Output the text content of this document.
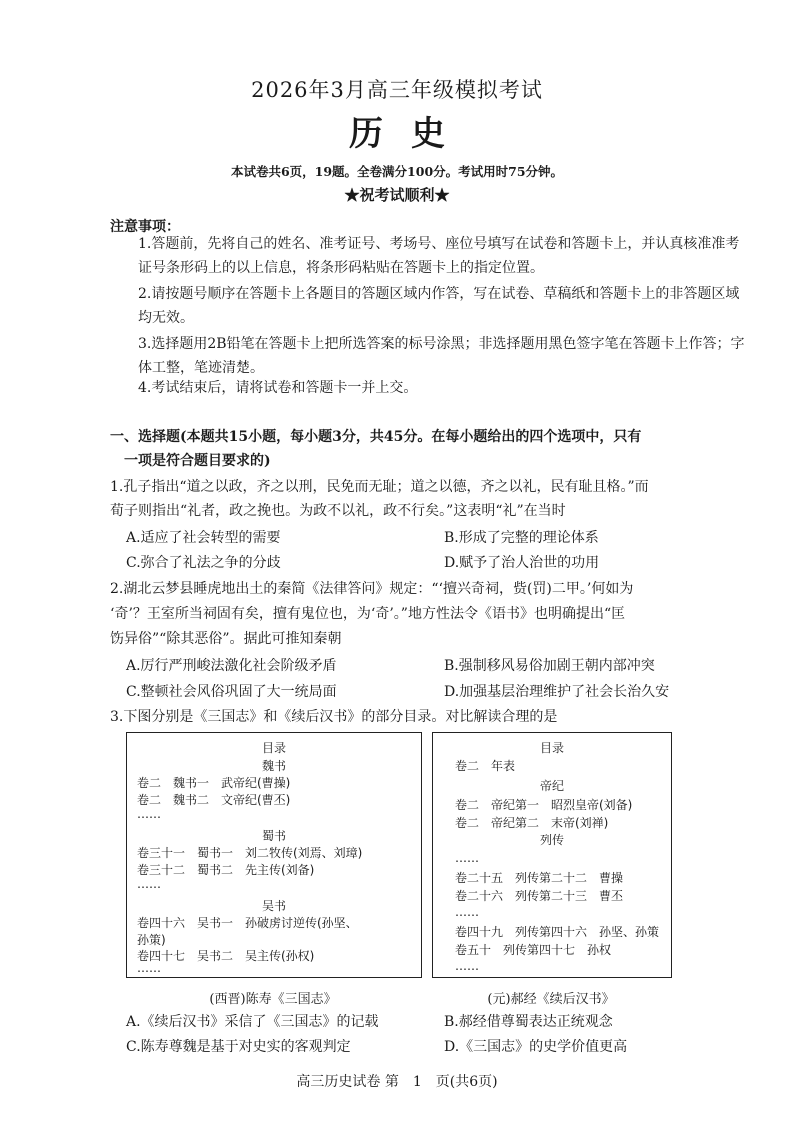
2026年3月高三年级模拟考试
历史
本试卷共6页，19题。全卷满分100分。考试用时75分钟。
★祝考试顺利★
注意事项：
1.答题前，先将自己的姓名、准考证号、考场号、座位号填写在试卷和答题卡上，并认真核准准考证号条形码上的以上信息，将条形码粘贴在答题卡上的指定位置。
2.请按题号顺序在答题卡上各题目的答题区域内作答，写在试卷、草稿纸和答题卡上的非答题区域均无效。
3.选择题用2B铅笔在答题卡上把所选答案的标号涂黑；非选择题用黑色签字笔在答题卡上作答；字体工整，笔迹清楚。
4.考试结束后，请将试卷和答题卡一并上交。
一、选择题(本题共15小题，每小题3分，共45分。在每小题给出的四个选项中，只有
一项是符合题目要求的)
1.孔子指出“道之以政，齐之以刑，民免而无耻；道之以德，齐之以礼，民有耻且格。”而
荀子则指出“礼者，政之挽也。为政不以礼，政不行矣。”这表明“礼”在当时
A.适应了社会转型的需要	B.形成了完整的理论体系
C.弥合了礼法之争的分歧	D.赋予了治人治世的功用
2.湖北云梦县睡虎地出土的秦简《法律答问》规定：“‘擅兴奇祠，赀(罚)二甲。’何如为
‘奇’？王室所当祠固有矣，擅有鬼位也，为‘奇’。”地方性法令《语书》也明确提出“匡
饬异俗”“除其恶俗”。据此可推知秦朝
A.厉行严刑峻法激化社会阶级矛盾	B.强制移风易俗加剧王朝内部冲突
C.整顿社会风俗巩固了大一统局面	D.加强基层治理维护了社会长治久安
3.下图分别是《三国志》和《续后汉书》的部分目录。对比解读合理的是
目录
魏书
卷二　魏书一　武帝纪(曹操)
卷二　魏书二　文帝纪(曹丕)
……
蜀书
卷三十一　蜀书一　刘二牧传(刘焉、刘璋)
卷三十二　蜀书二　先主传(刘备)
……
吴书
卷四十六　吴书一　孙破虏讨逆传(孙坚、
孙策)
卷四十七　吴书二　吴主传(孙权)
……
目录
卷二　年表
帝纪
卷二　帝纪第一　昭烈皇帝(刘备)
卷二　帝纪第二　末帝(刘禅)
列传
……
卷二十五　列传第二十二　曹操
卷二十六　列传第二十三　曹丕
……
卷四十九　列传第四十六　孙坚、孙策
卷五十　列传第四十七　孙权
……
(西晋)陈寿《三国志》	(元)郝经《续后汉书》
A.《续后汉书》采信了《三国志》的记载	B.郝经借尊蜀表达正统观念
C.陈寿尊魏是基于对史实的客观判定	D.《三国志》的史学价值更高
高三历史试卷 第　1　页(共6页)
